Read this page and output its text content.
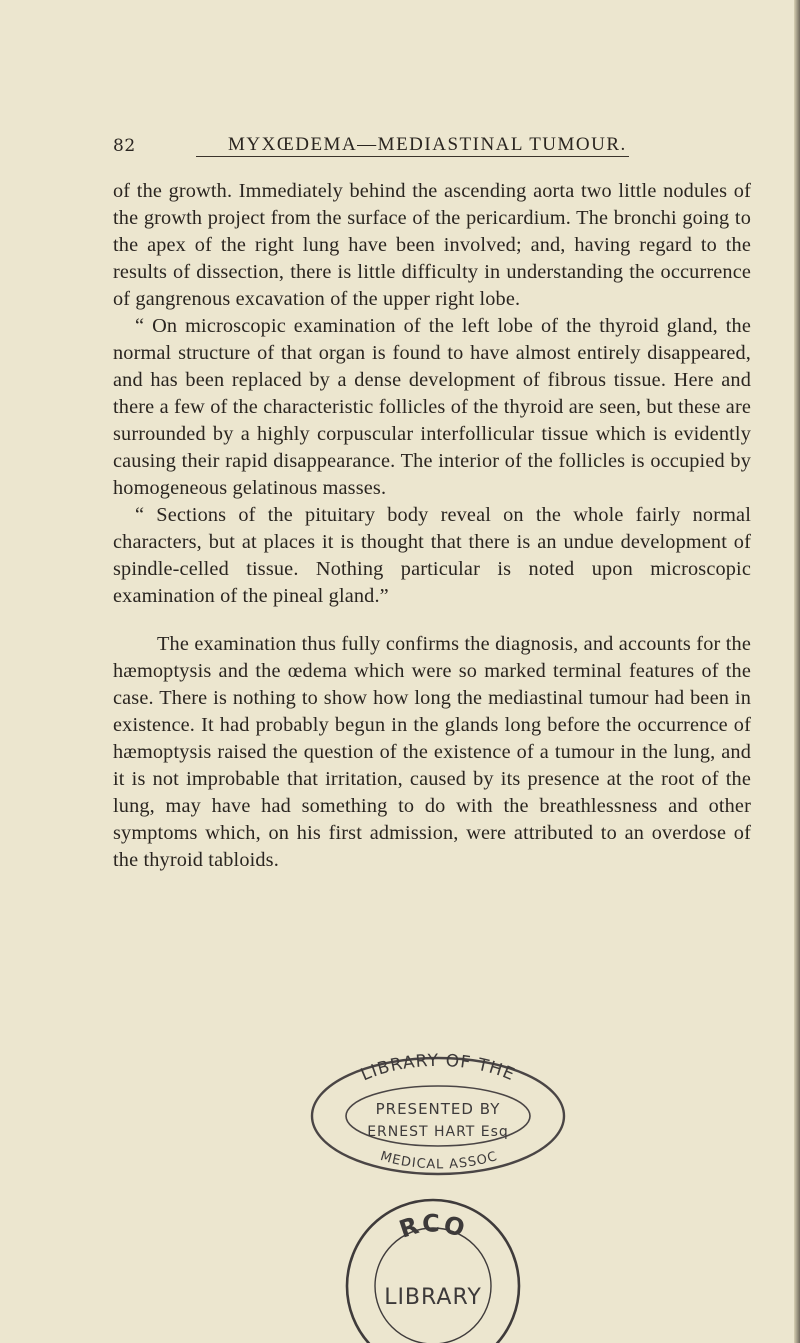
82	MYXŒDEMA—MEDIASTINAL TUMOUR.

of the growth. Immediately behind the ascending aorta two little nodules of the growth project from the surface of the pericardium. The bronchi going to the apex of the right lung have been involved; and, having regard to the results of dissection, there is little difficulty in understanding the occurrence of gangrenous excavation of the upper right lobe.

“ On microscopic examination of the left lobe of the thyroid gland, the normal structure of that organ is found to have almost entirely disappeared, and has been replaced by a dense development of fibrous tissue. Here and there a few of the characteristic follicles of the thyroid are seen, but these are surrounded by a highly corpuscular interfollicular tissue which is evidently causing their rapid disappearance. The interior of the follicles is occupied by homogeneous gelatinous masses.

“ Sections of the pituitary body reveal on the whole fairly normal characters, but at places it is thought that there is an undue development of spindle-celled tissue. Nothing particular is noted upon microscopic examination of the pineal gland.”

The examination thus fully confirms the diagnosis, and accounts for the hæmoptysis and the œdema which were so marked terminal features of the case. There is nothing to show how long the mediastinal tumour had been in existence. It had probably begun in the glands long before the occurrence of hæmoptysis raised the question of the existence of a tumour in the lung, and it is not improbable that irritation, caused by its presence at the root of the lung, may have had something to do with the breathlessness and other symptoms which, on his first admission, were attributed to an overdose of the thyroid tabloids.

LIBRARY OF THE
PRESENTED BY
ERNEST HART Esq
MEDICAL ASSOC
RCO
LIBRARY
